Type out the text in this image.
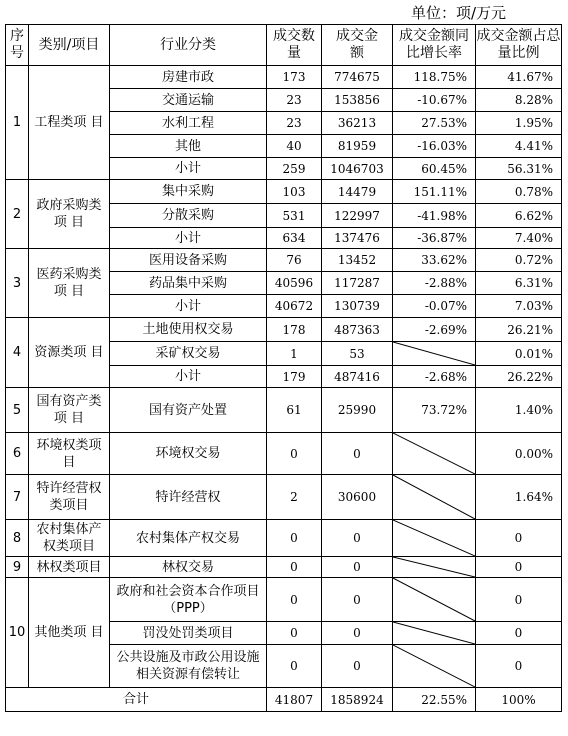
单位：项/万元
序号	类别/项目	行业分类	成交数量	成交金额	成交金额同比增长率	成交金额占总量比例
1	工程类项 目	房建市政	173	774675	118.75%	41.67%
		交通运输	23	153856	-10.67%	8.28%
		水利工程	23	36213	27.53%	1.95%
		其他	40	81959	-16.03%	4.41%
		小计	259	1046703	60.45%	56.31%
2	政府采购类项 目	集中采购	103	14479	151.11%	0.78%
		分散采购	531	122997	-41.98%	6.62%
		小计	634	137476	-36.87%	7.40%
3	医药采购类项 目	医用设备采购	76	13452	33.62%	0.72%
		药品集中采购	40596	117287	-2.88%	6.31%
		小计	40672	130739	-0.07%	7.03%
4	资源类项 目	土地使用权交易	178	487363	-2.69%	26.21%
		采矿权交易	1	53		0.01%
		小计	179	487416	-2.68%	26.22%
5	国有资产类项 目	国有资产处置	61	25990	73.72%	1.40%
6	环境权类项 目	环境权交易	0	0		0.00%
7	特许经营权类项目	特许经营权	2	30600		1.64%
8	农村集体产权类项目	农村集体产权交易	0	0		0
9	林权类项目	林权交易	0	0		0
10	其他类项 目	政府和社会资本合作项目（PPP）	0	0		0
		罚没处罚类项目	0	0		0
		公共设施及市政公用设施相关资源有偿转让	0	0		0
合计			41807	1858924	22.55%	100%
